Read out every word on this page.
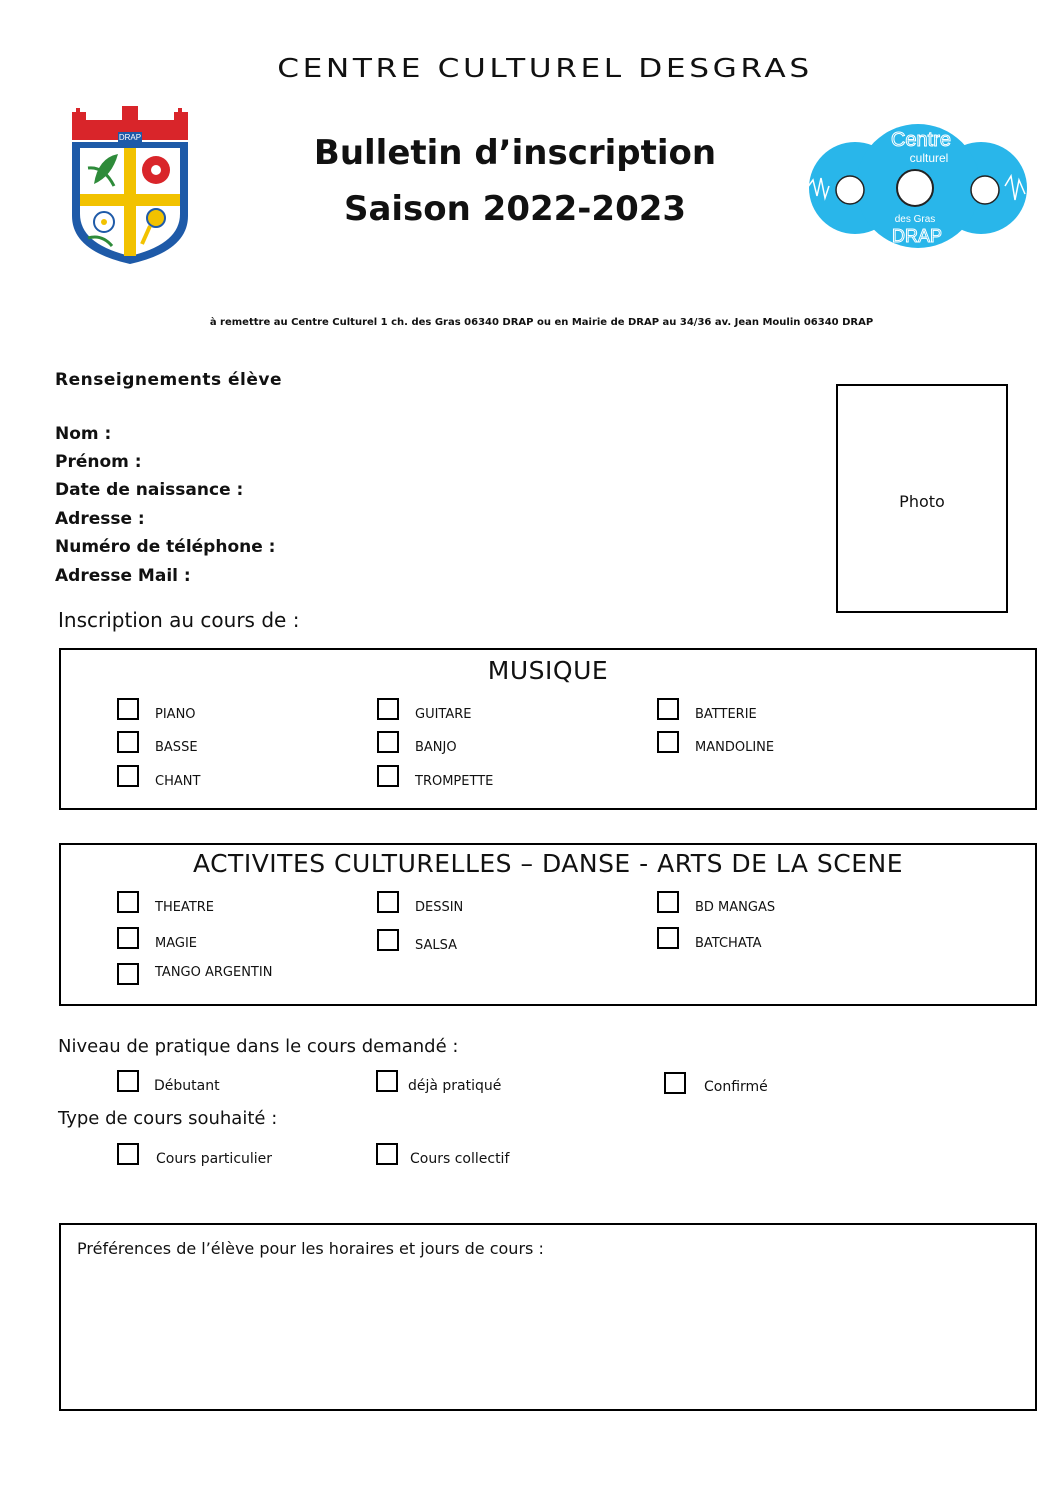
CENTRE CULTUREL DESGRAS
DRAP	Bulletin d’inscription
Saison 2022-2023
Centre
culturel
des Gras
DRAP
à remettre au Centre Culturel 1 ch. des Gras 06340 DRAP ou en Mairie de DRAP au 34/36 av. Jean Moulin 06340 DRAP
Renseignements élève
Nom :
Prénom :
Date de naissance :
Adresse :
Numéro de téléphone :
Adresse Mail :
Photo
Inscription au cours de :
MUSIQUE
PIANO	GUITARE	BATTERIE
BASSE	BANJO	MANDOLINE
CHANT	TROMPETTE
ACTIVITES CULTURELLES – DANSE - ARTS DE LA SCENE
THEATRE	DESSIN	BD MANGAS
MAGIE	SALSA	BATCHATA
TANGO ARGENTIN
Niveau de pratique dans le cours demandé :
Débutant	déjà pratiqué	Confirmé
Type de cours souhaité :
Cours particulier	Cours collectif
Préférences de l’élève pour les horaires et jours de cours :
